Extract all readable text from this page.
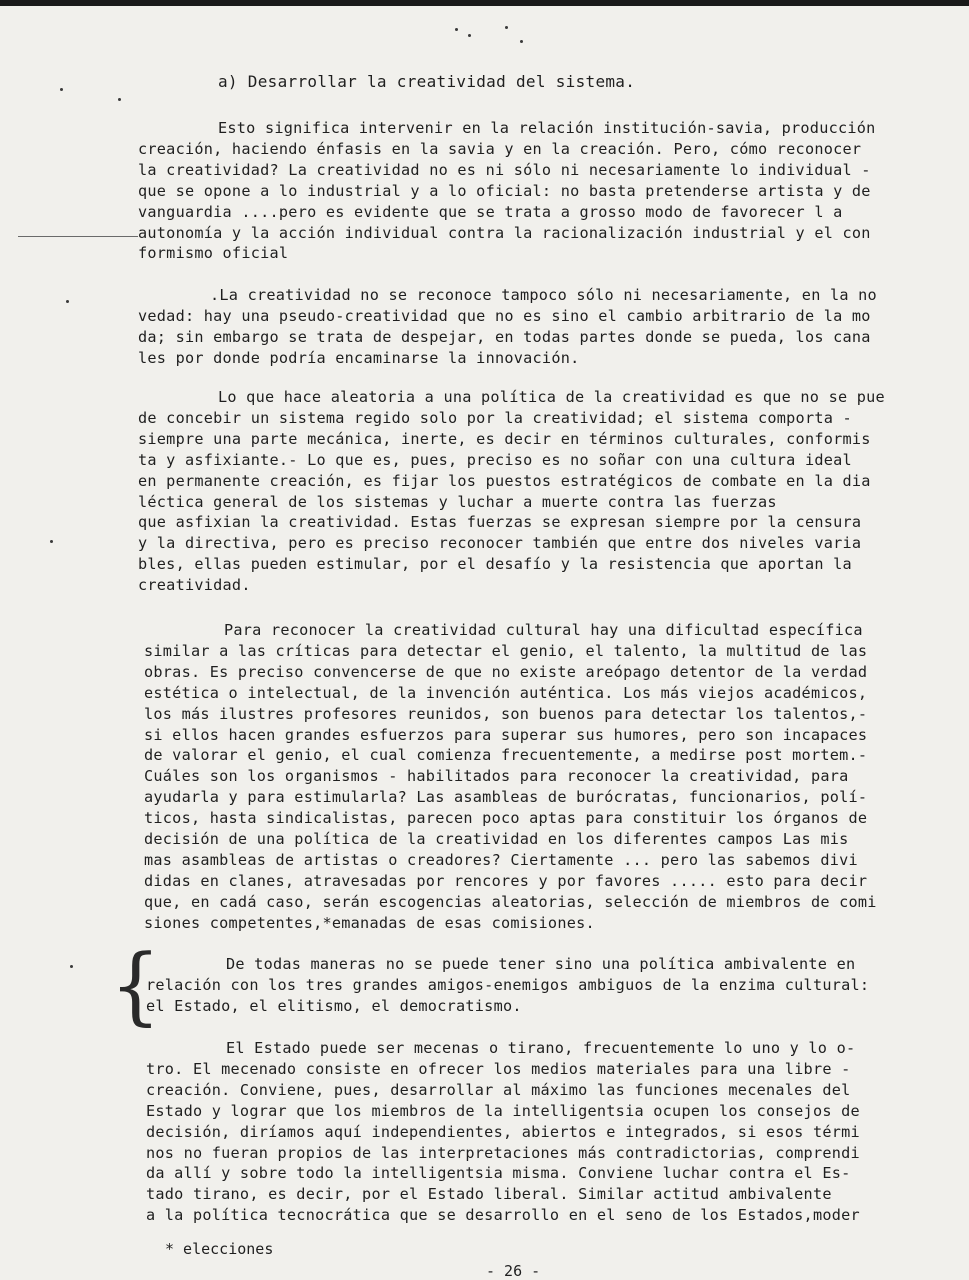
a) Desarrollar la creatividad del sistema.
Esto significa intervenir en la relación institución-savia, producción
creación, haciendo énfasis en la savia y en la creación. Pero, cómo reconocer
la creatividad? La creatividad no es ni sólo ni necesariamente lo individual -
que se opone a lo industrial y a lo oficial: no basta pretenderse artista y de
vanguardia ....pero es evidente que se trata a grosso modo de favorecer l a
autonomía y la acción individual contra la racionalización industrial y el con
formismo oficial
.La creatividad no se reconoce tampoco sólo ni necesariamente, en la no
vedad: hay una pseudo-creatividad que no es sino el cambio arbitrario de la mo
da; sin embargo se trata de despejar, en todas partes donde se pueda, los cana
les por donde podría encaminarse la innovación.
Lo que hace aleatoria a una política de la creatividad es que no se pue
de concebir un sistema regido solo por la creatividad; el sistema comporta -
siempre una parte mecánica, inerte, es decir en términos culturales, conformis
ta y asfixiante.- Lo que es, pues, preciso es no soñar con una cultura ideal
en permanente creación, es fijar los puestos estratégicos de combate en la dia
léctica general de los sistemas y luchar a muerte contra las fuerzas
que asfixian la creatividad. Estas fuerzas se expresan siempre por la censura
y la directiva, pero es preciso reconocer también que entre dos niveles varia
bles, ellas pueden estimular, por el desafío y la resistencia que aportan la
creatividad.
Para reconocer la creatividad cultural hay una dificultad específica
similar a las críticas para detectar el genio, el talento, la multitud de las
obras. Es preciso convencerse de que no existe areópago detentor de la verdad
estética o intelectual, de la invención auténtica. Los más viejos académicos,
los más ilustres profesores reunidos, son buenos para detectar los talentos,-
si ellos hacen grandes esfuerzos para superar sus humores, pero son incapaces
de valorar el genio, el cual comienza frecuentemente, a medirse post mortem.-
Cuáles son los organismos - habilitados para reconocer la creatividad, para
ayudarla y para estimularla? Las asambleas de burócratas, funcionarios, polí-
ticos, hasta sindicalistas, parecen poco aptas para constituir los órganos de
decisión de una política de la creatividad en los diferentes campos Las mis
mas asambleas de artistas o creadores? Ciertamente ... pero las sabemos divi
didas en clanes, atravesadas por rencores y por favores ..... esto para decir
que, en cadá caso, serán escogencias aleatorias, selección de miembros de comi
siones competentes,*emanadas de esas comisiones.
De todas maneras no se puede tener sino una política ambivalente en
relación con los tres grandes amigos-enemigos ambiguos de la enzima cultural:
el Estado, el elitismo, el democratismo.
El Estado puede ser mecenas o tirano, frecuentemente lo uno y lo o-
tro. El mecenado consiste en ofrecer los medios materiales para una libre -
creación. Conviene, pues, desarrollar al máximo las funciones mecenales del
Estado y lograr que los miembros de la intelligentsia ocupen los consejos de
decisión, diríamos aquí independientes, abiertos e integrados, si esos térmi
nos no fueran propios de las interpretaciones más contradictorias, comprendi
da allí y sobre todo la intelligentsia misma. Conviene luchar contra el Es-
tado tirano, es decir, por el Estado liberal. Similar actitud ambivalente
a la política tecnocrática que se desarrollo en el seno de los Estados,moder
{
* elecciones
- 26 -
